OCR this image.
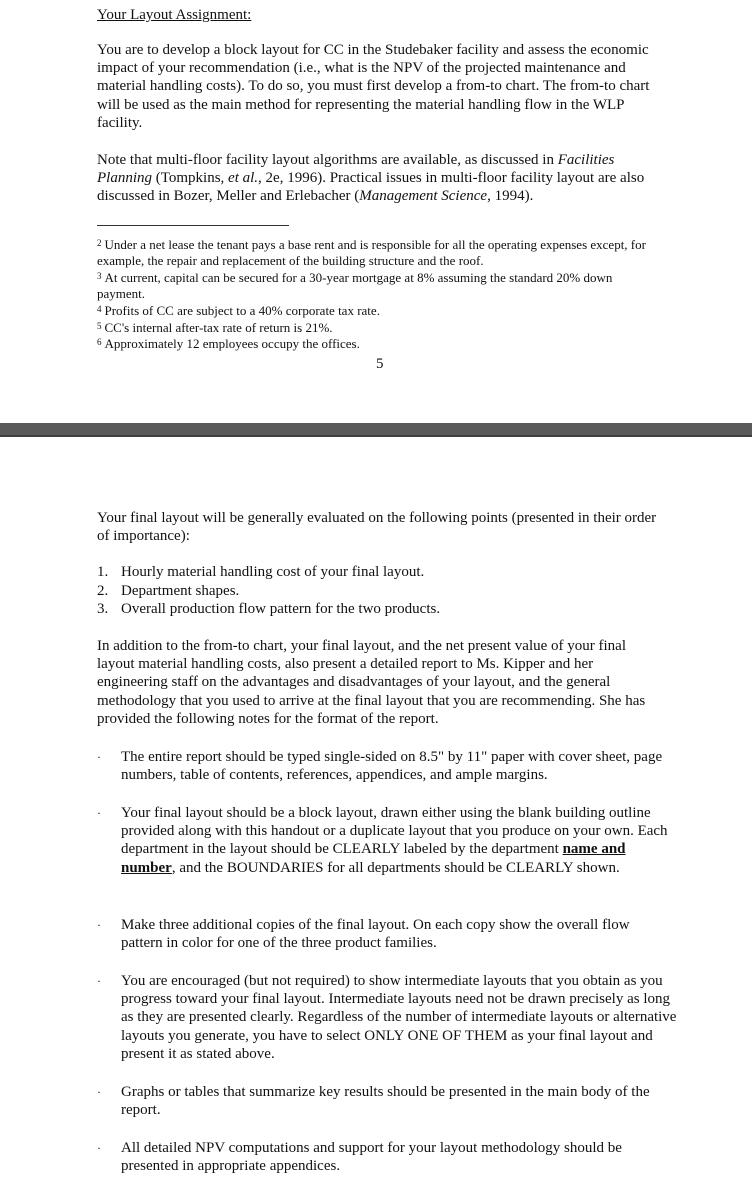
Your Layout Assignment:

You are to develop a block layout for CC in the Studebaker facility and assess the economic impact of your recommendation (i.e., what is the NPV of the projected maintenance and material handling costs). To do so, you must first develop a from-to chart. The from-to chart will be used as the main method for representing the material handling flow in the WLP facility.

Note that multi-floor facility layout algorithms are available, as discussed in Facilities Planning (Tompkins, et al., 2e, 1996). Practical issues in multi-floor facility layout are also discussed in Bozer, Meller and Erlebacher (Management Science, 1994).

$^2$ Under a net lease the tenant pays a base rent and is responsible for all the operating expenses except, for example, the repair and replacement of the building structure and the roof.

$^3$ At current, capital can be secured for a 30-year mortgage at 8% assuming the standard 20% down payment.

$^4$ Profits of CC are subject to a 40% corporate tax rate.

$^5$ CC's internal after-tax rate of return is 21%.

$^6$ Approximately 12 employees occupy the offices.

5

Your final layout will be generally evaluated on the following points (presented in their order of importance):

1. Hourly material handling cost of your final layout.

2. Department shapes.

3. Overall production flow pattern for the two products.

In addition to the from-to chart, your final layout, and the net present value of your final layout material handling costs, also present a detailed report to Ms. Kipper and her engineering staff on the advantages and disadvantages of your layout, and the general methodology that you used to arrive at the final layout that you are recommending. She has provided the following notes for the format of the report.

· The entire report should be typed single-sided on 8.5" by 11" paper with cover sheet, page numbers, table of contents, references, appendices, and ample margins.
· Your final layout should be a block layout, drawn either using the blank building outline provided along with this handout or a duplicate layout that you produce on your own. Each department in the layout should be CLEARLY labeled by the department name and number, and the BOUNDARIES for all departments should be CLEARLY shown.
· Make three additional copies of the final layout. On each copy show the overall flow pattern in color for one of the three product families.
· You are encouraged (but not required) to show intermediate layouts that you obtain as you progress toward your final layout. Intermediate layouts need not be drawn precisely as long as they are presented clearly. Regardless of the number of intermediate layouts or alternative layouts you generate, you have to select ONLY ONE OF THEM as your final layout and present it as stated above.
· Graphs or tables that summarize key results should be presented in the main body of the report.
· All detailed NPV computations and support for your layout methodology should be presented in appropriate appendices.
